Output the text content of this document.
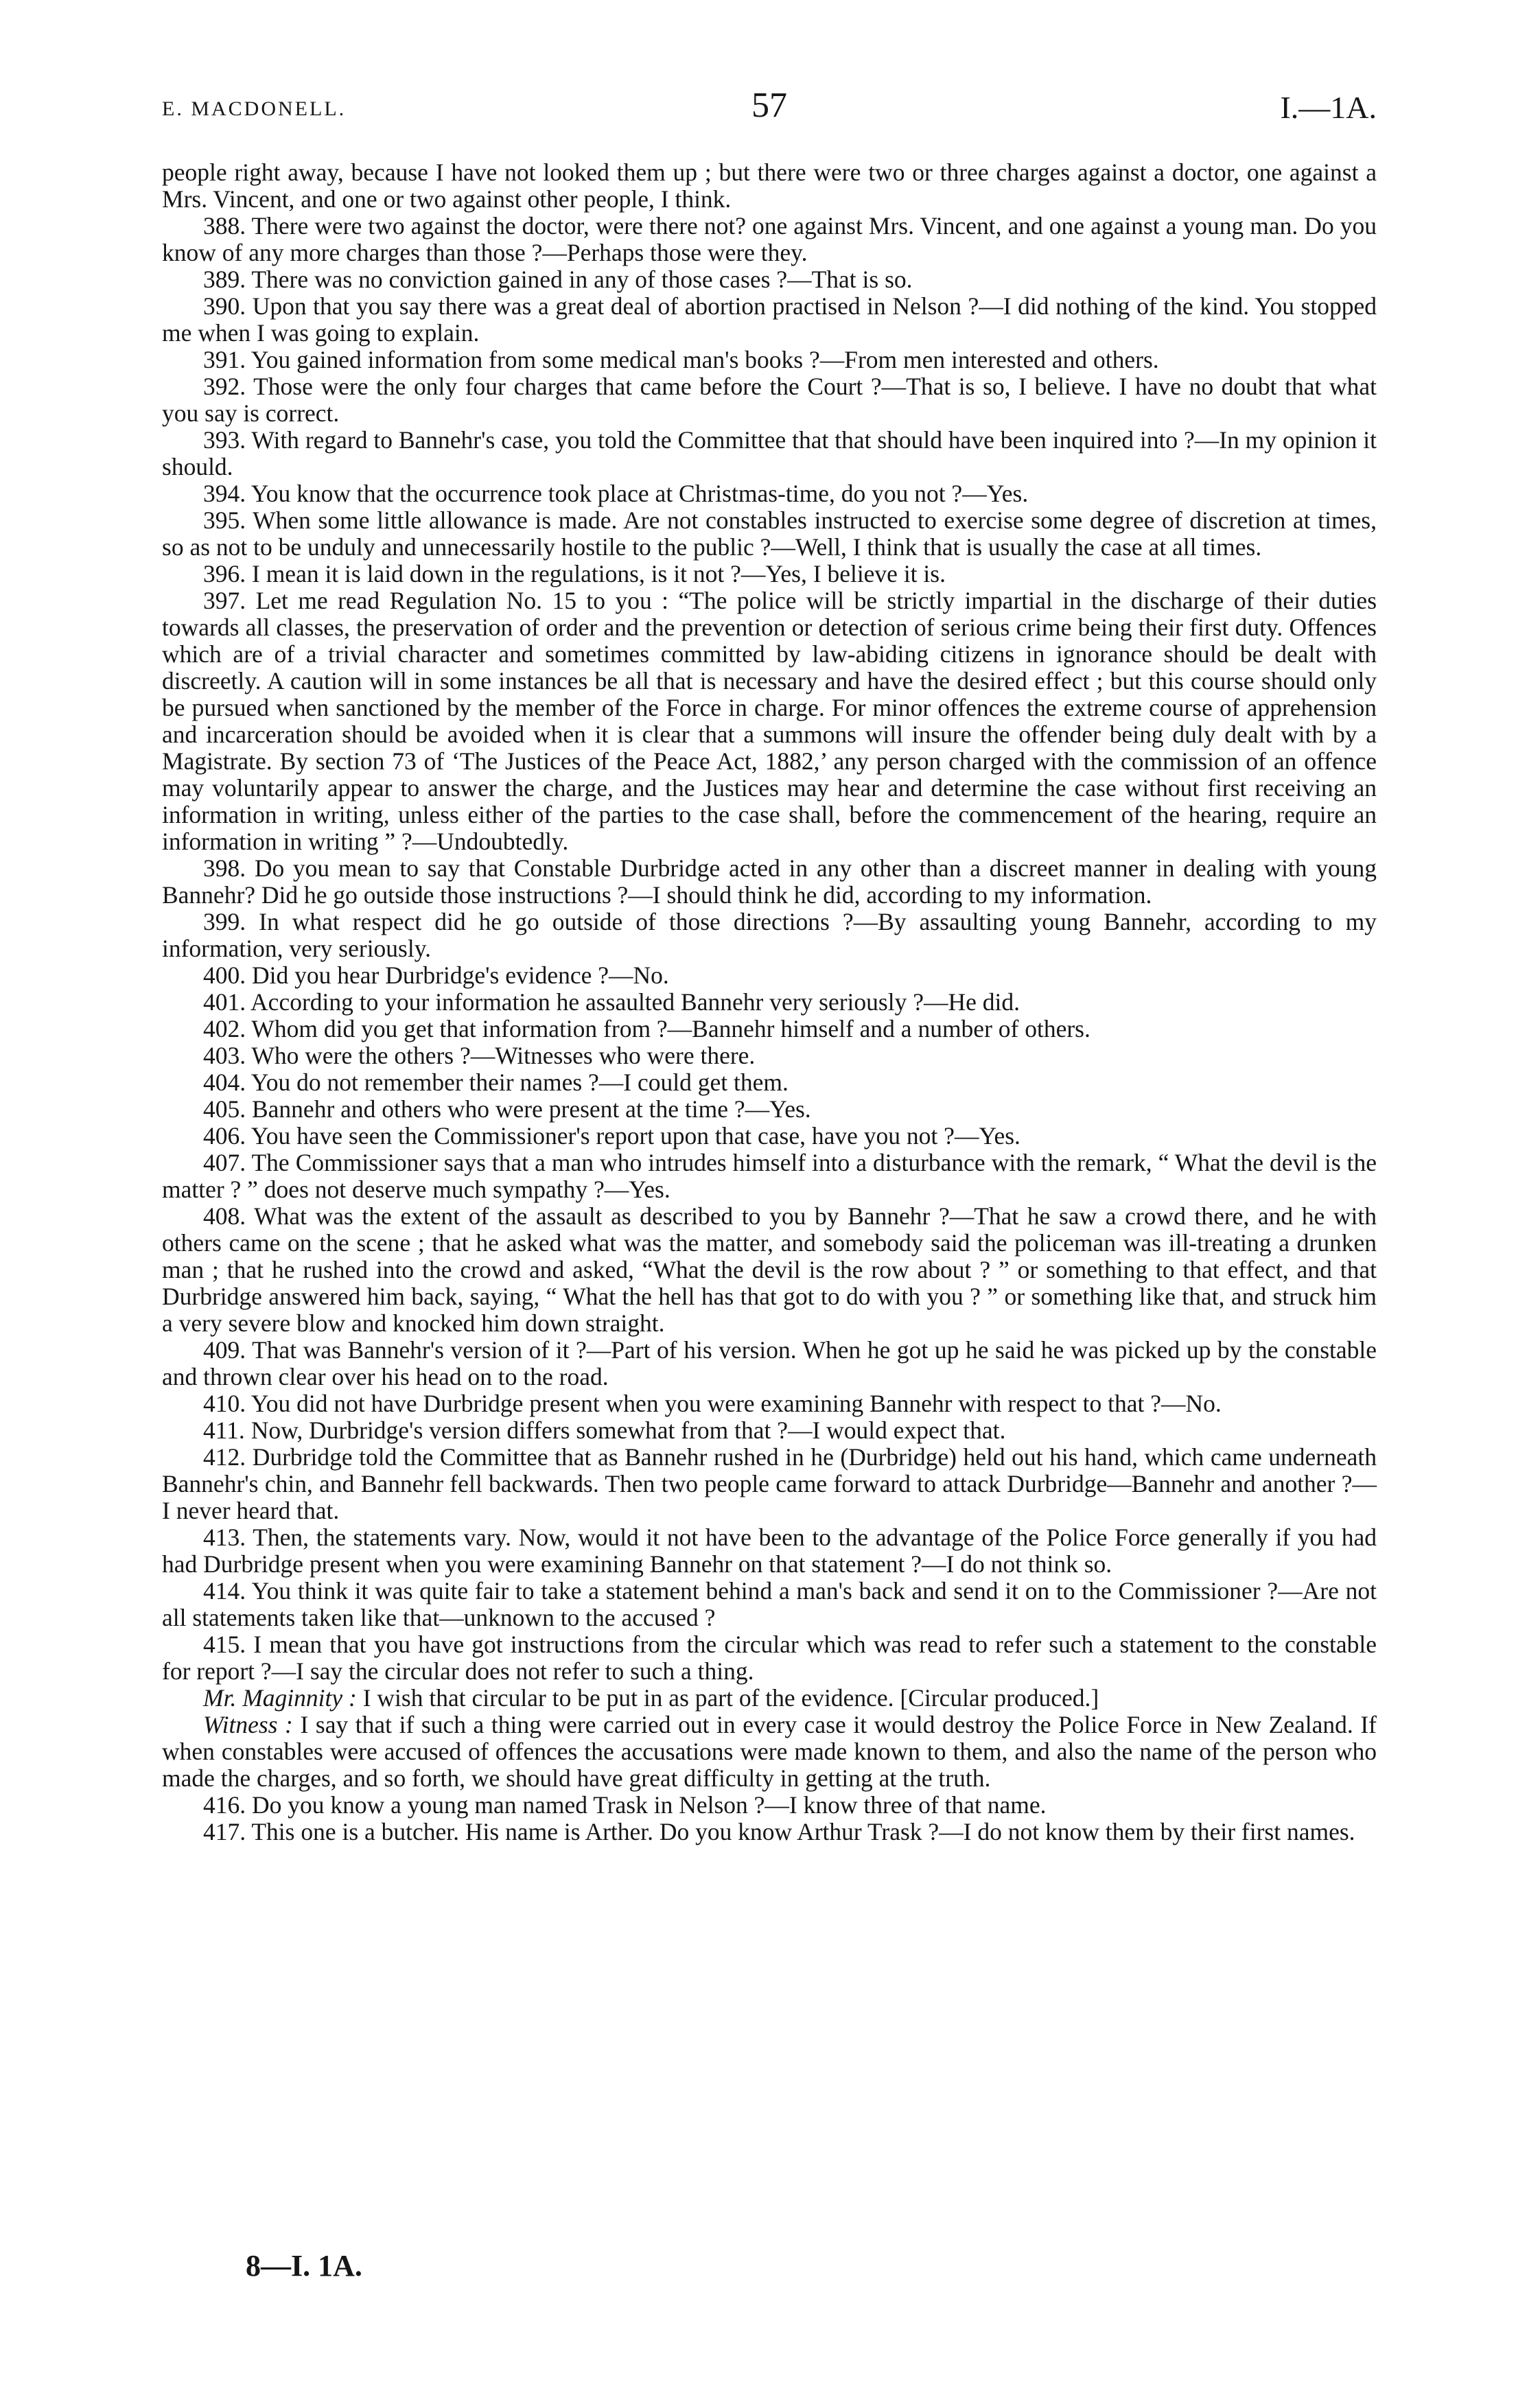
E. MACDONELL.	57	I.—1A.

people right away, because I have not looked them up ; but there were two or three charges against a doctor, one against a Mrs. Vincent, and one or two against other people, I think.

388. There were two against the doctor, were there not? one against Mrs. Vincent, and one against a young man. Do you know of any more charges than those ?—Perhaps those were they.

389. There was no conviction gained in any of those cases ?—That is so.

390. Upon that you say there was a great deal of abortion practised in Nelson ?—I did nothing of the kind. You stopped me when I was going to explain.

391. You gained information from some medical man's books ?—From men interested and others.

392. Those were the only four charges that came before the Court ?—That is so, I believe. I have no doubt that what you say is correct.

393. With regard to Bannehr's case, you told the Committee that that should have been inquired into ?—In my opinion it should.

394. You know that the occurrence took place at Christmas-time, do you not ?—Yes.

395. When some little allowance is made. Are not constables instructed to exercise some degree of discretion at times, so as not to be unduly and unnecessarily hostile to the public ?—Well, I think that is usually the case at all times.

396. I mean it is laid down in the regulations, is it not ?—Yes, I believe it is.

397. Let me read Regulation No. 15 to you : “The police will be strictly impartial in the discharge of their duties towards all classes, the preservation of order and the prevention or detection of serious crime being their first duty. Offences which are of a trivial character and sometimes committed by law-abiding citizens in ignorance should be dealt with discreetly. A caution will in some instances be all that is necessary and have the desired effect ; but this course should only be pursued when sanctioned by the member of the Force in charge. For minor offences the extreme course of apprehension and incarceration should be avoided when it is clear that a summons will insure the offender being duly dealt with by a Magistrate. By section 73 of ‘The Justices of the Peace Act, 1882,’ any person charged with the commission of an offence may voluntarily appear to answer the charge, and the Justices may hear and determine the case without first receiving an information in writing, unless either of the parties to the case shall, before the commencement of the hearing, require an information in writing ” ?—Undoubtedly.

398. Do you mean to say that Constable Durbridge acted in any other than a discreet manner in dealing with young Bannehr? Did he go outside those instructions ?—I should think he did, according to my information.

399. In what respect did he go outside of those directions ?—By assaulting young Bannehr, according to my information, very seriously.

400. Did you hear Durbridge's evidence ?—No.

401. According to your information he assaulted Bannehr very seriously ?—He did.

402. Whom did you get that information from ?—Bannehr himself and a number of others.

403. Who were the others ?—Witnesses who were there.

404. You do not remember their names ?—I could get them.

405. Bannehr and others who were present at the time ?—Yes.

406. You have seen the Commissioner's report upon that case, have you not ?—Yes.

407. The Commissioner says that a man who intrudes himself into a disturbance with the remark, “ What the devil is the matter ? ” does not deserve much sympathy ?—Yes.

408. What was the extent of the assault as described to you by Bannehr ?—That he saw a crowd there, and he with others came on the scene ; that he asked what was the matter, and somebody said the policeman was ill-treating a drunken man ; that he rushed into the crowd and asked, “What the devil is the row about ? ” or something to that effect, and that Durbridge answered him back, saying, “ What the hell has that got to do with you ? ” or something like that, and struck him a very severe blow and knocked him down straight.

409. That was Bannehr's version of it ?—Part of his version. When he got up he said he was picked up by the constable and thrown clear over his head on to the road.

410. You did not have Durbridge present when you were examining Bannehr with respect to that ?—No.

411. Now, Durbridge's version differs somewhat from that ?—I would expect that.

412. Durbridge told the Committee that as Bannehr rushed in he (Durbridge) held out his hand, which came underneath Bannehr's chin, and Bannehr fell backwards. Then two people came forward to attack Durbridge—Bannehr and another ?—I never heard that.

413. Then, the statements vary. Now, would it not have been to the advantage of the Police Force generally if you had had Durbridge present when you were examining Bannehr on that statement ?—I do not think so.

414. You think it was quite fair to take a statement behind a man's back and send it on to the Commissioner ?—Are not all statements taken like that—unknown to the accused ?

415. I mean that you have got instructions from the circular which was read to refer such a statement to the constable for report ?—I say the circular does not refer to such a thing.

Mr. Maginnity : I wish that circular to be put in as part of the evidence. [Circular produced.]

Witness : I say that if such a thing were carried out in every case it would destroy the Police Force in New Zealand. If when constables were accused of offences the accusations were made known to them, and also the name of the person who made the charges, and so forth, we should have great difficulty in getting at the truth.

416. Do you know a young man named Trask in Nelson ?—I know three of that name.

417. This one is a butcher. His name is Arther. Do you know Arthur Trask ?—I do not know them by their first names.

8—I. 1A.
